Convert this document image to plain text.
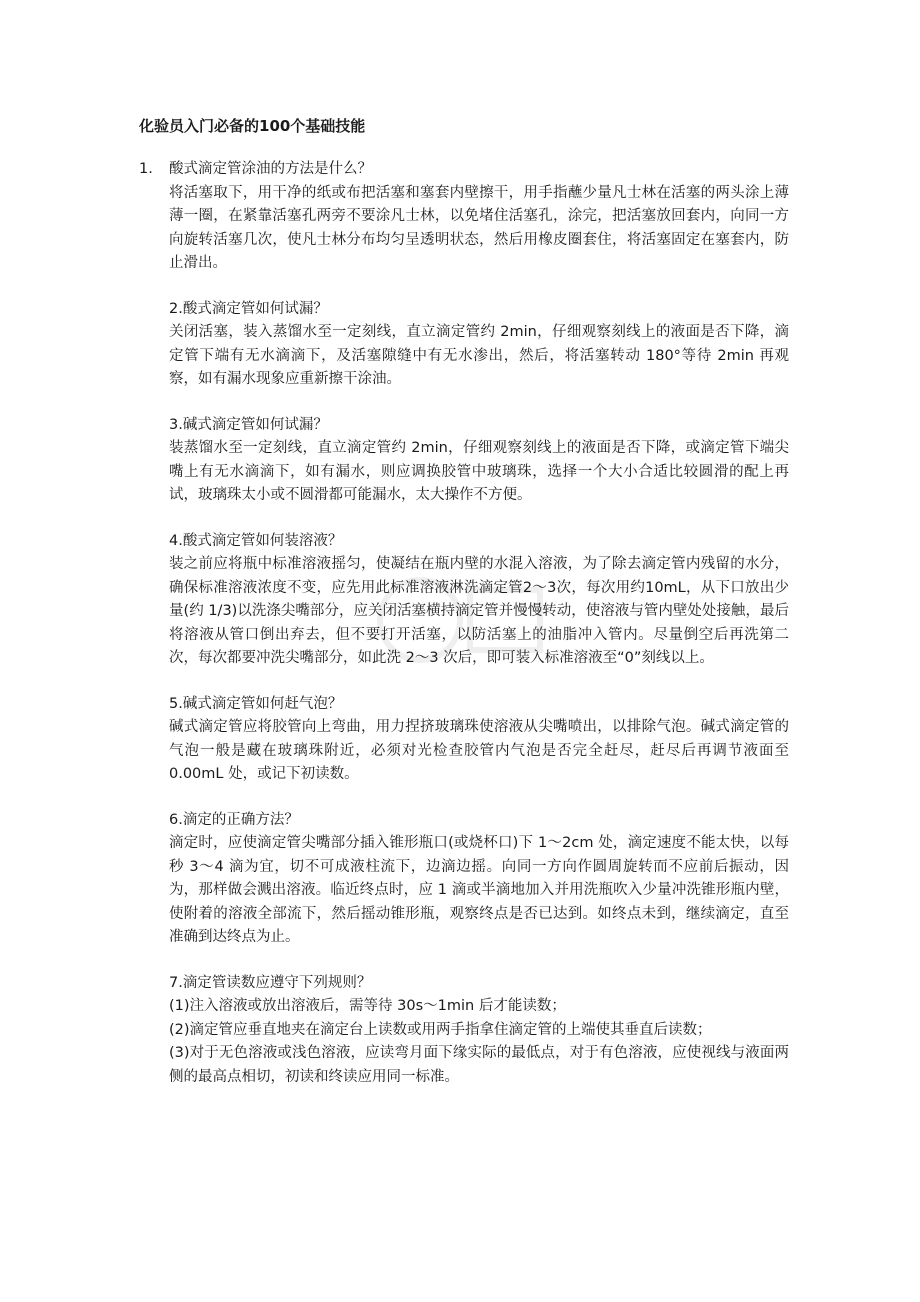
化验员入门必备的100个基础技能
1. 酸式滴定管涂油的方法是什么？
将活塞取下，用干净的纸或布把活塞和塞套内壁擦干，用手指蘸少量凡士林在活塞的两头涂上薄薄一圈，在紧靠活塞孔两旁不要涂凡士林，以免堵住活塞孔，涂完，把活塞放回套内，向同一方向旋转活塞几次，使凡士林分布均匀呈透明状态，然后用橡皮圈套住，将活塞固定在塞套内，防止滑出。
2.酸式滴定管如何试漏？
关闭活塞，装入蒸馏水至一定刻线，直立滴定管约 2min，仔细观察刻线上的液面是否下降，滴定管下端有无水滴滴下，及活塞隙缝中有无水渗出，然后，将活塞转动 180°等待 2min 再观察，如有漏水现象应重新擦干涂油。
3.碱式滴定管如何试漏？
装蒸馏水至一定刻线，直立滴定管约 2min，仔细观察刻线上的液面是否下降，或滴定管下端尖嘴上有无水滴滴下，如有漏水，则应调换胶管中玻璃珠，选择一个大小合适比较圆滑的配上再试，玻璃珠太小或不圆滑都可能漏水，太大操作不方便。
4.酸式滴定管如何装溶液？
装之前应将瓶中标准溶液摇匀，使凝结在瓶内壁的水混入溶液，为了除去滴定管内残留的水分，确保标准溶液浓度不变，应先用此标准溶液淋洗滴定管2～3次，每次用约10mL，从下口放出少量(约 1/3)以洗涤尖嘴部分，应关闭活塞横持滴定管并慢慢转动，使溶液与管内壁处处接触，最后将溶液从管口倒出弃去，但不要打开活塞，以防活塞上的油脂冲入管内。尽量倒空后再洗第二次，每次都要冲洗尖嘴部分，如此洗 2～3 次后，即可装入标准溶液至“0”刻线以上。
5.碱式滴定管如何赶气泡？
碱式滴定管应将胶管向上弯曲，用力捏挤玻璃珠使溶液从尖嘴喷出，以排除气泡。碱式滴定管的气泡一般是藏在玻璃珠附近，必须对光检查胶管内气泡是否完全赶尽，赶尽后再调节液面至 0.00mL 处，或记下初读数。
6.滴定的正确方法？
滴定时，应使滴定管尖嘴部分插入锥形瓶口(或烧杯口)下 1～2cm 处，滴定速度不能太快，以每秒 3～4 滴为宜，切不可成液柱流下，边滴边摇。向同一方向作圆周旋转而不应前后振动，因为，那样做会溅出溶液。临近终点时，应 1 滴或半滴地加入并用洗瓶吹入少量冲洗锥形瓶内壁，使附着的溶液全部流下，然后摇动锥形瓶，观察终点是否已达到。如终点未到，继续滴定，直至准确到达终点为止。
7.滴定管读数应遵守下列规则？
(1)注入溶液或放出溶液后，需等待 30s～1min 后才能读数；
(2)滴定管应垂直地夹在滴定台上读数或用两手指拿住滴定管的上端使其垂直后读数；
(3)对于无色溶液或浅色溶液，应读弯月面下缘实际的最低点，对于有色溶液，应使视线与液面两侧的最高点相切，初读和终读应用同一标准。
